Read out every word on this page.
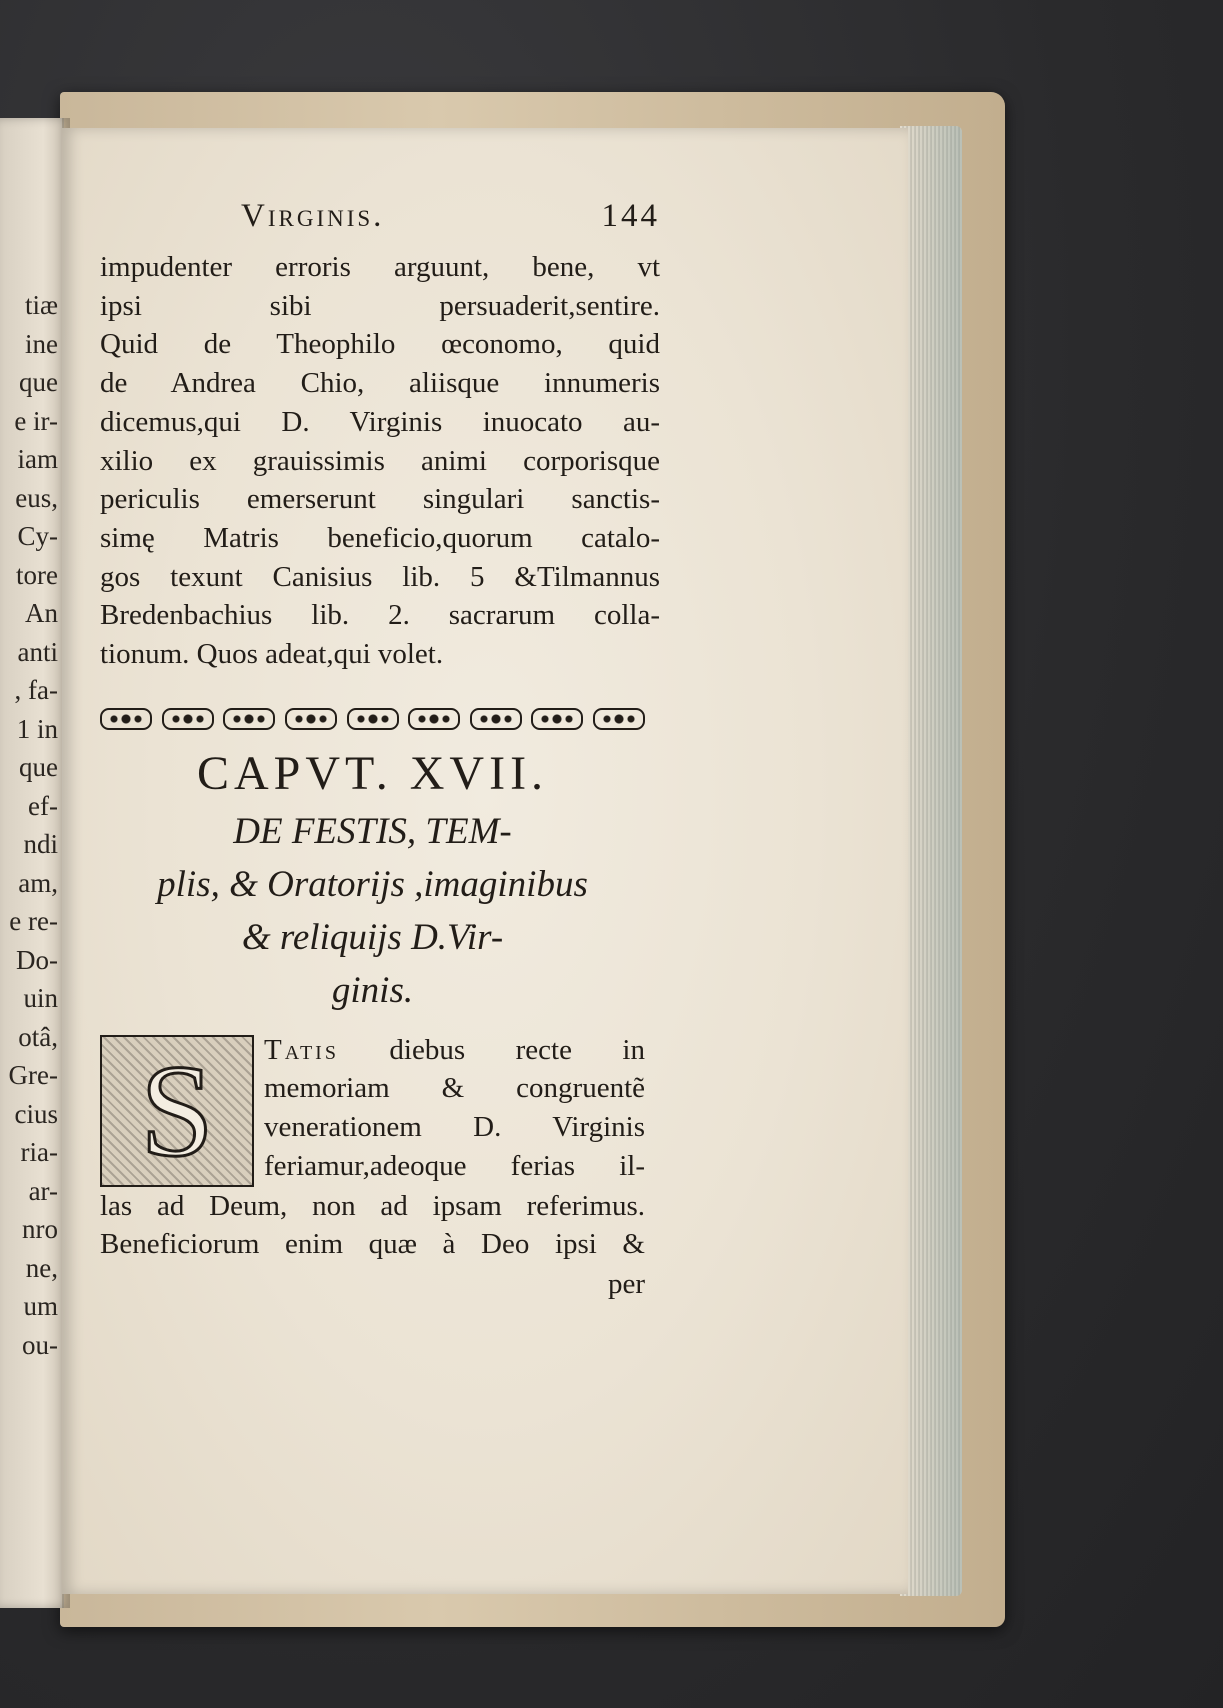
tiæ
ine
que
e ir-
iam
eus,
Cy-
tore
An
anti
, fa-
1 in
que
ef-
ndi
am,
e re-
Do-
uin
otâ,
Gre-
cius
ria-
ar-
nro
ne,
um
ou-
Virginis.	144
impudenter erroris arguunt, bene, vt
ipsi sibi persuaderit,sentire.
Quid de Theophilo œconomo, quid
de Andrea Chio, aliisque innumeris
dicemus,qui D. Virginis inuocato au-
xilio ex grauissimis animi corporisque
periculis emerserunt singulari sanctis-
simę Matris beneficio,quorum catalo-
gos texunt Canisius lib. 5 &Tilmannus
Bredenbachius lib. 2. sacrarum colla-
tionum. Quos adeat,qui volet.
CAPVT. XVII.
DE FESTIS, TEM-
plis, & Oratorijs ,imaginibus
& reliquijs D.Vir-
ginis.
S	Tatis diebus recte in
memoriam & congruentẽ
venerationem D. Virginis
feriamur,adeoque ferias il-
las ad Deum, non ad ipsam referimus.
Beneficiorum enim quæ à Deo ipsi &
per
